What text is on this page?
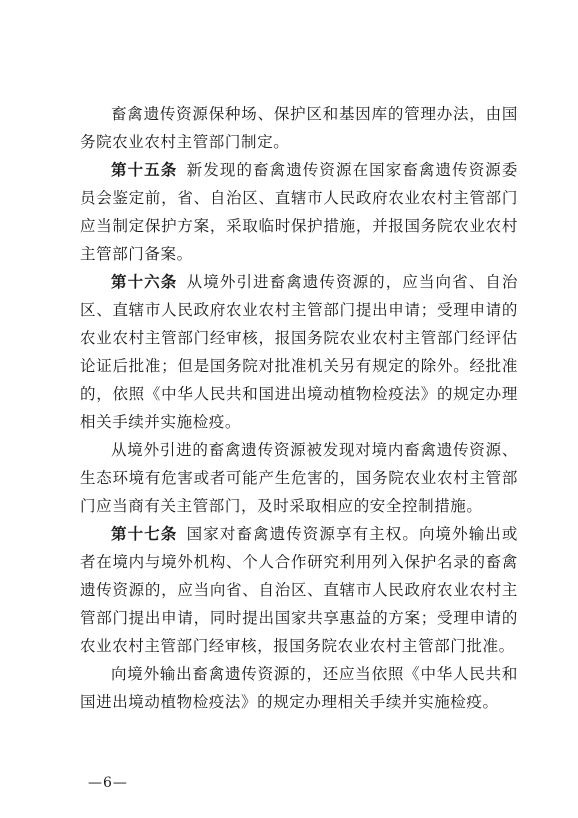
畜禽遗传资源保种场、保护区和基因库的管理办法，由国务院农业农村主管部门制定。

第十五条 新发现的畜禽遗传资源在国家畜禽遗传资源委员会鉴定前，省、自治区、直辖市人民政府农业农村主管部门应当制定保护方案，采取临时保护措施，并报国务院农业农村主管部门备案。

第十六条 从境外引进畜禽遗传资源的，应当向省、自治区、直辖市人民政府农业农村主管部门提出申请；受理申请的农业农村主管部门经审核，报国务院农业农村主管部门经评估论证后批准；但是国务院对批准机关另有规定的除外。经批准的，依照《中华人民共和国进出境动植物检疫法》的规定办理相关手续并实施检疫。

从境外引进的畜禽遗传资源被发现对境内畜禽遗传资源、生态环境有危害或者可能产生危害的，国务院农业农村主管部门应当商有关主管部门，及时采取相应的安全控制措施。

第十七条 国家对畜禽遗传资源享有主权。向境外输出或者在境内与境外机构、个人合作研究利用列入保护名录的畜禽遗传资源的，应当向省、自治区、直辖市人民政府农业农村主管部门提出申请，同时提出国家共享惠益的方案；受理申请的农业农村主管部门经审核，报国务院农业农村主管部门批准。

向境外输出畜禽遗传资源的，还应当依照《中华人民共和国进出境动植物检疫法》的规定办理相关手续并实施检疫。

—6—
